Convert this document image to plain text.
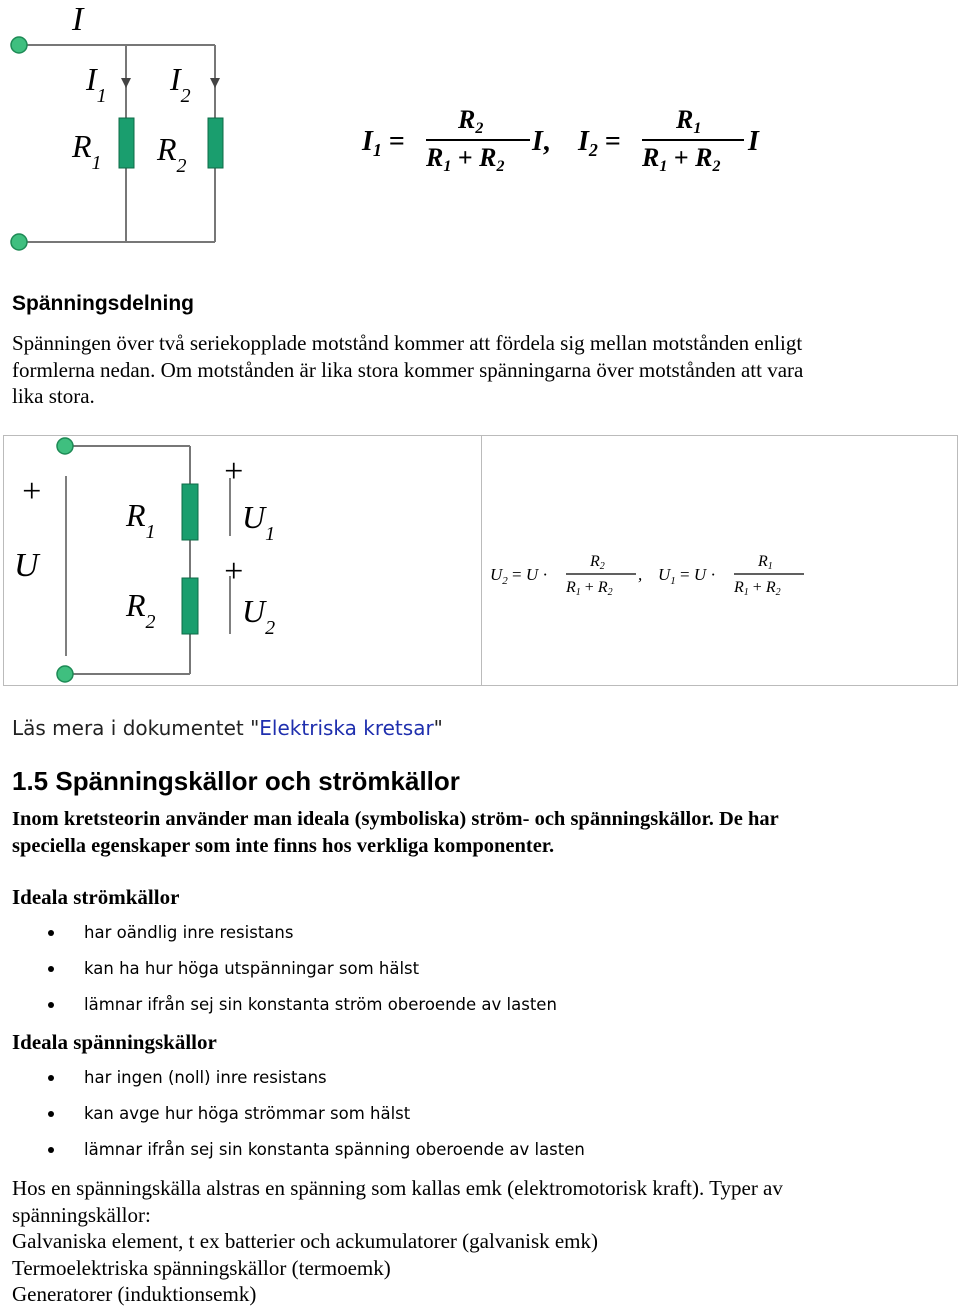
I
$I_1$ $I_2$
$R_1$ $R_2$
$I_1$ =
R2
R1 + R2
I, $I_2$ =
R1
R1 + R2
I
Spänningsdelning
Spänningen över två seriekopplade motstånd kommer att fördela sig mellan motstånden enligt
formlerna nedan. Om motstånden är lika stora kommer spänningarna över motstånden att vara
lika stora.
+
U
$R_1$
$R_2$
+
$U_1$
+
$U_2$
$U_2 = U$ ·
R2
R1 + R2
, $U_1 = U$ ·
R1
R1 + R2
Läs mera i dokumentet "Elektriska kretsar"
1.5 Spänningskällor och strömkällor
Inom kretsteorin använder man ideala (symboliska) ström- och spänningskällor. De har
speciella egenskaper som inte finns hos verkliga komponenter.
Ideala strömkällor
har oändlig inre resistans
kan ha hur höga utspänningar som hälst
lämnar ifrån sej sin konstanta ström oberoende av lasten
Ideala spänningskällor
har ingen (noll) inre resistans
kan avge hur höga strömmar som hälst
lämnar ifrån sej sin konstanta spänning oberoende av lasten
Hos en spänningskälla alstras en spänning som kallas emk (elektromotorisk kraft). Typer av
spänningskällor:
Galvaniska element, t ex batterier och ackumulatorer (galvanisk emk)
Termoelektriska spänningskällor (termoemk)
Generatorer (induktionsemk)
